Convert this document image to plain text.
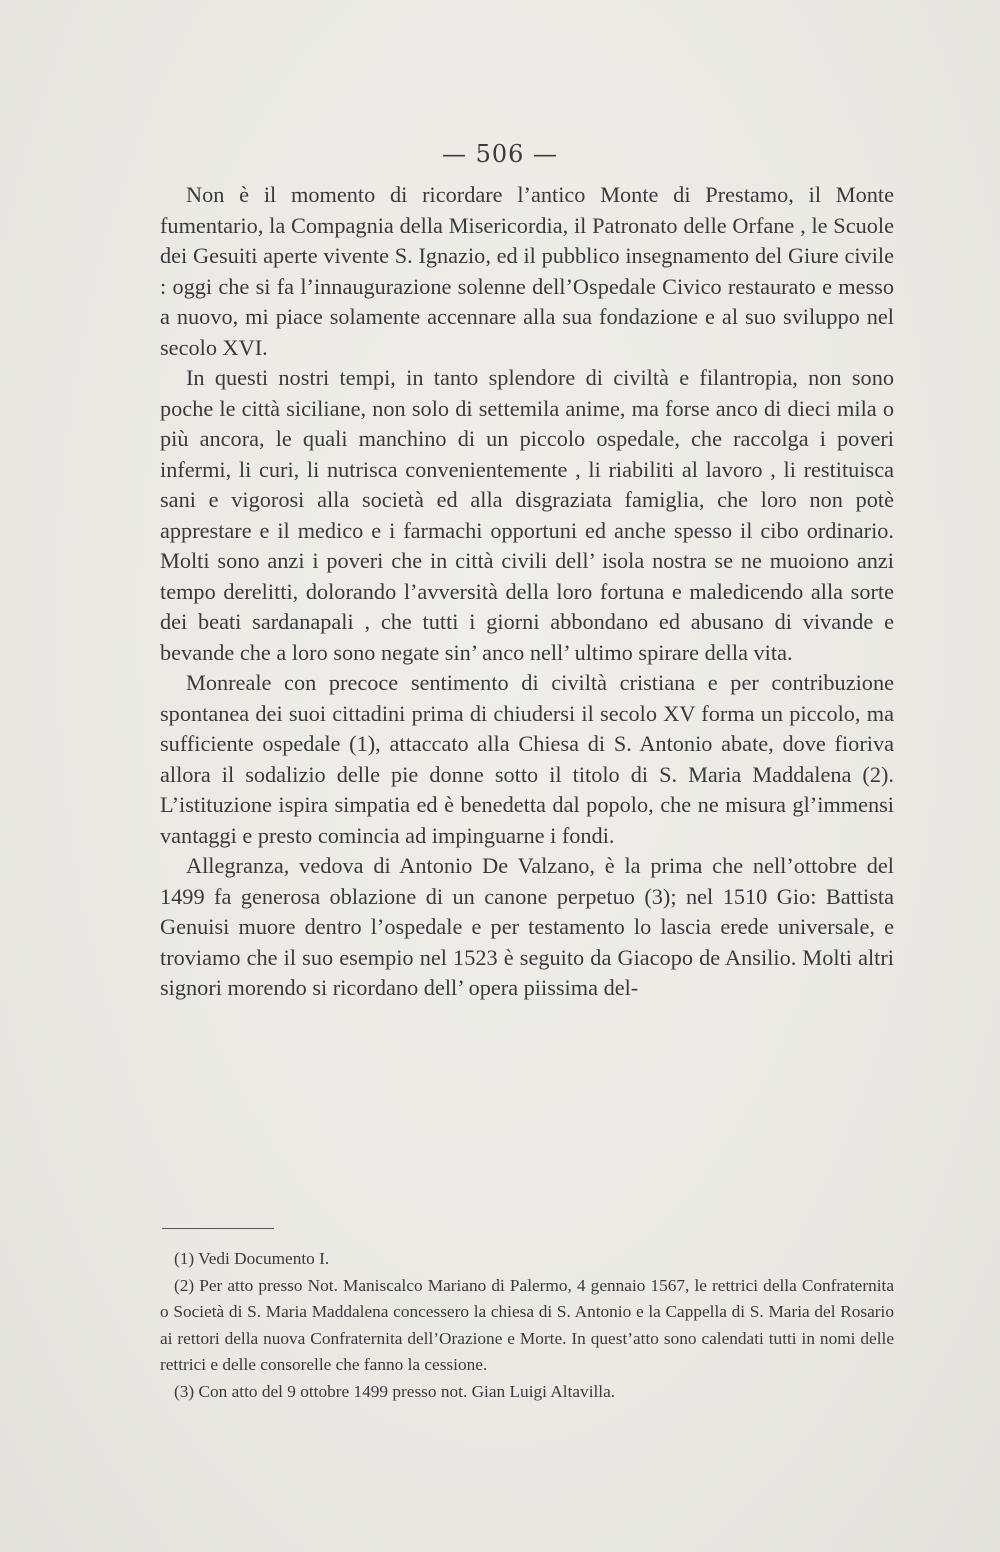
— 506 —

Non è il momento di ricordare l’antico Monte di Prestamo, il Monte fumentario, la Compagnia della Misericordia, il Patronato delle Orfane , le Scuole dei Gesuiti aperte vivente S. Ignazio, ed il pubblico insegnamento del Giure civile : oggi che si fa l’innaugurazione solenne dell’Ospedale Civico restaurato e messo a nuovo, mi piace solamente accennare alla sua fondazione e al suo sviluppo nel secolo XVI.

In questi nostri tempi, in tanto splendore di civiltà e filantropia, non sono poche le città siciliane, non solo di settemila anime, ma forse anco di dieci mila o più ancora, le quali manchino di un piccolo ospedale, che raccolga i poveri infermi, li curi, li nutrisca convenientemente , li riabiliti al lavoro , li restituisca sani e vigorosi alla società ed alla disgraziata famiglia, che loro non potè apprestare e il medico e i farmachi opportuni ed anche spesso il cibo ordinario. Molti sono anzi i poveri che in città civili dell’ isola nostra se ne muoiono anzi tempo derelitti, dolorando l’avversità della loro fortuna e maledicendo alla sorte dei beati sardanapali , che tutti i giorni abbondano ed abusano di vivande e bevande che a loro sono negate sin’ anco nell’ ultimo spirare della vita.

Monreale con precoce sentimento di civiltà cristiana e per contribuzione spontanea dei suoi cittadini prima di chiudersi il secolo XV forma un piccolo, ma sufficiente ospedale (1), attaccato alla Chiesa di S. Antonio abate, dove fioriva allora il sodalizio delle pie donne sotto il titolo di S. Maria Maddalena (2). L’istituzione ispira simpatia ed è benedetta dal popolo, che ne misura gl’immensi vantaggi e presto comincia ad impinguarne i fondi.

Allegranza, vedova di Antonio De Valzano, è la prima che nell’ottobre del 1499 fa generosa oblazione di un canone perpetuo (3); nel 1510 Gio: Battista Genuisi muore dentro l’ospedale e per testamento lo lascia erede universale, e troviamo che il suo esempio nel 1523 è seguito da Giacopo de Ansilio. Molti altri signori morendo si ricordano dell’ opera piissima del-

(1) Vedi Documento I.

(2) Per atto presso Not. Maniscalco Mariano di Palermo, 4 gennaio 1567, le rettrici della Confraternita o Società di S. Maria Maddalena concessero la chiesa di S. Antonio e la Cappella di S. Maria del Rosario ai rettori della nuova Confraternita dell’Orazione e Morte. In quest’atto sono calendati tutti in nomi delle rettrici e delle consorelle che fanno la cessione.

(3) Con atto del 9 ottobre 1499 presso not. Gian Luigi Altavilla.
